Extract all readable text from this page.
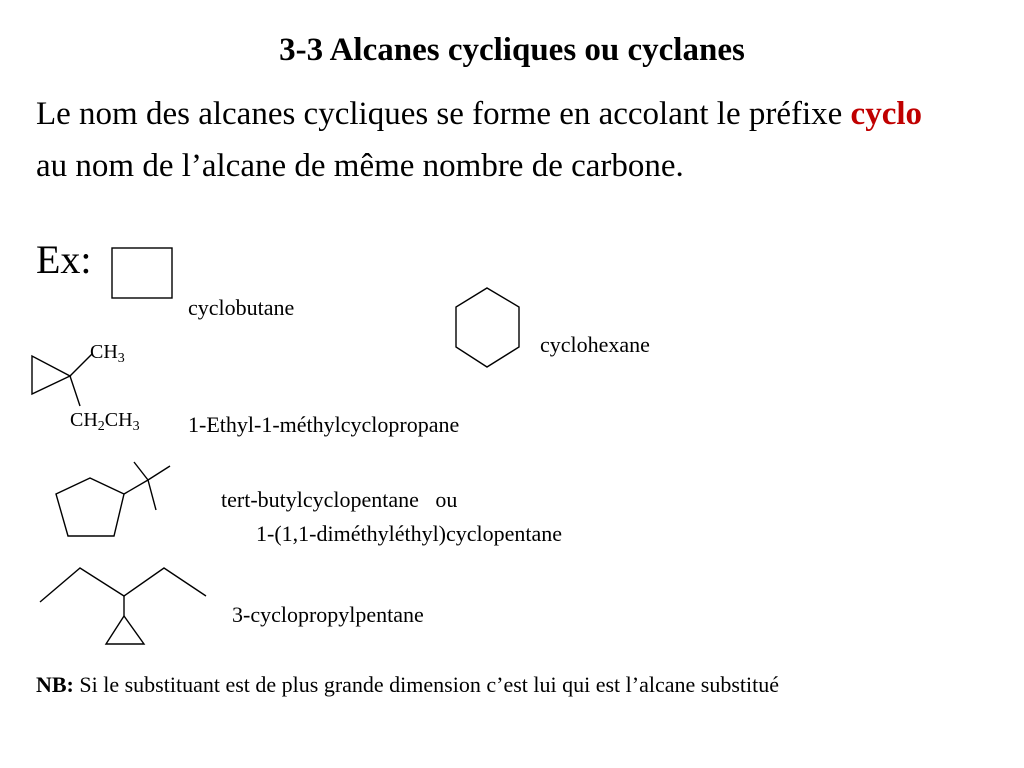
3-3 Alcanes cycliques ou cyclanes
Le nom des alcanes cycliques se forme en accolant le préfixe cyclo au nom de l’alcane de même nombre de carbone.
Ex:
cyclobutane
cyclohexane
$CH_3$
$CH_2CH_3$ 1-Ethyl-1-méthylcyclopropane
tert-butylcyclopentane   ou
1-(1,1-diméthyléthyl)cyclopentane
3-cyclopropylpentane
NB: Si le substituant est de plus grande dimension c’est lui qui est l’alcane substitué
